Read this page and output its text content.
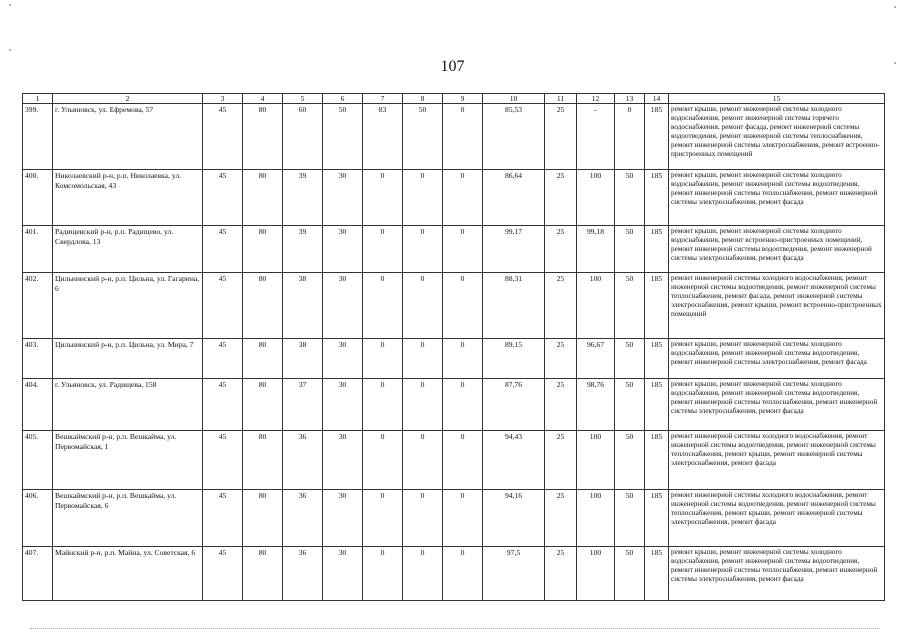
107
1	2	3	4	5	6	7	8	9	10	11	12	13	14	15
399.	г. Ульяновск, ул. Ефремова, 57	45	80	60	50	83	50	0	85,53	25	-	0	185	ремонт крыши, ремонт инженерной системы холодного водоснабжения, ремонт инженерной системы горячего водоснабжения, ремонт фасада, ремонт инженерной системы водоотведения, ремонт инженерной системы теплоснабжения, ремонт инженерной системы электроснабжения, ремонт встроенно-пристроенных помещений
400.	Николаевский р-н, р.п. Николаевка, ул. Комсомольская, 43	45	80	39	30	0	0	0	86,64	25	100	50	185	ремонт крыши, ремонт инженерной системы холодного водоснабжения, ремонт инженерной системы водоотведения, ремонт инженерной системы теплоснабжения, ремонт инженерной системы электроснабжения, ремонт фасада
401.	Радищевский р-н, р.п. Радищево, ул. Свердлова, 13	45	80	39	30	0	0	0	99,17	25	99,18	50	185	ремонт крыши, ремонт инженерной системы холодного водоснабжения, ремонт встроенно-пристроенных помещений, ремонт инженерной системы водоотведения, ремонт инженерной системы электроснабжения, ремонт фасада
402.	Цильнинский р-н, р.п. Цильна, ул. Гагарина, 6	45	80	38	30	0	0	0	88,31	25	100	50	185	ремонт инженерной системы холодного водоснабжения, ремонт инженерной системы водоотведения, ремонт инженерной системы теплоснабжения, ремонт фасада, ремонт инженерной системы электроснабжения, ремонт крыши, ремонт встроенно-пристроенных помещений
403.	Цильнинский р-н, р.п. Цильна, ул. Мира, 7	45	80	38	30	0	0	0	89,15	25	96,67	50	185	ремонт крыши, ремонт инженерной системы холодного водоснабжения, ремонт инженерной системы водоотведения, ремонт инженерной системы электроснабжения, ремонт фасада
404.	г. Ульяновск, ул. Радищева, 158	45	80	37	30	0	0	0	87,76	25	98,76	50	185	ремонт крыши, ремонт инженерной системы холодного водоснабжения, ремонт инженерной системы водоотведения, ремонт инженерной системы теплоснабжения, ремонт инженерной системы электроснабжения, ремонт фасада
405.	Вешкаймский р-н, р.п. Вешкайма, ул. Первомайская, 1	45	80	36	30	0	0	0	94,43	25	100	50	185	ремонт инженерной системы холодного водоснабжения, ремонт инженерной системы водоотведения, ремонт инженерной системы теплоснабжения, ремонт крыши, ремонт инженерной системы электроснабжения, ремонт фасада
406.	Вешкаймский р-н, р.п. Вешкайма, ул. Первомайская, 6	45	80	36	30	0	0	0	94,16	25	100	50	185	ремонт инженерной системы холодного водоснабжения, ремонт инженерной системы водоотведения, ремонт инженерной системы теплоснабжения, ремонт крыши, ремонт инженерной системы электроснабжения, ремонт фасада
407.	Майнский р-н, р.п. Майна, ул. Советская, 6	45	80	36	30	0	0	0	97,5	25	100	50	185	ремонт крыши, ремонт инженерной системы холодного водоснабжения, ремонт инженерной системы водоотведения, ремонт инженерной системы теплоснабжения, ремонт инженерной системы электроснабжения, ремонт фасада
